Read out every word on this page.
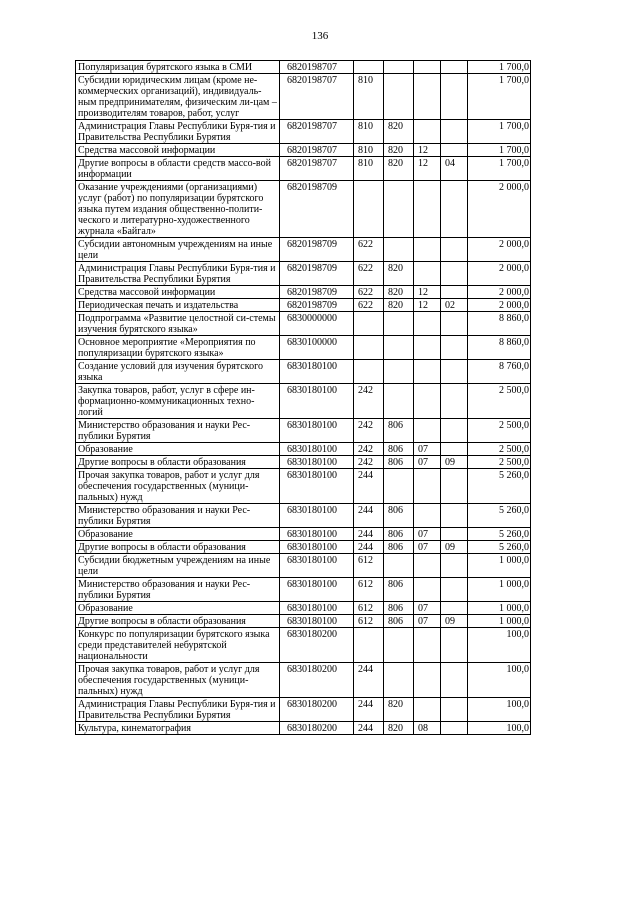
136
Популяризация бурятского языка в СМИ	6820198707					1 700,0
Субсидии юридическим лицам (кроме не-коммерческих организаций), индивидуаль-ным предпринимателям, физическим ли-цам – производителям товаров, работ, услуг	6820198707	810				1 700,0
Администрация Главы Республики Буря-тия и Правительства Республики Бурятия	6820198707	810	820			1 700,0
Средства массовой информации	6820198707	810	820	12		1 700,0
Другие вопросы в области средств массо-вой информации	6820198707	810	820	12	04	1 700,0
Оказание учреждениями (организациями) услуг (работ) по популяризации бурятского языка путем издания общественно-полити-ческого и литературно-художественного журнала «Байгал»	6820198709					2 000,0
Субсидии автономным учреждениям на иные цели	6820198709	622				2 000,0
Администрация Главы Республики Буря-тия и Правительства Республики Бурятия	6820198709	622	820			2 000,0
Средства массовой информации	6820198709	622	820	12		2 000,0
Периодическая печать и издательства	6820198709	622	820	12	02	2 000,0
Подпрограмма «Развитие целостной си-стемы изучения бурятского языка»	6830000000					8 860,0
Основное мероприятие «Мероприятия по популяризации бурятского языка»	6830100000					8 860,0
Создание условий для изучения бурятского языка	6830180100					8 760,0
Закупка товаров, работ, услуг в сфере ин-формационно-коммуникационных техно-логий	6830180100	242				2 500,0
Министерство образования и науки Рес-публики Бурятия	6830180100	242	806			2 500,0
Образование	6830180100	242	806	07		2 500,0
Другие вопросы в области образования	6830180100	242	806	07	09	2 500,0
Прочая закупка товаров, работ и услуг для обеспечения государственных (муници-пальных) нужд	6830180100	244				5 260,0
Министерство образования и науки Рес-публики Бурятия	6830180100	244	806			5 260,0
Образование	6830180100	244	806	07		5 260,0
Другие вопросы в области образования	6830180100	244	806	07	09	5 260,0
Субсидии бюджетным учреждениям на иные цели	6830180100	612				1 000,0
Министерство образования и науки Рес-публики Бурятия	6830180100	612	806			1 000,0
Образование	6830180100	612	806	07		1 000,0
Другие вопросы в области образования	6830180100	612	806	07	09	1 000,0
Конкурс по популяризации бурятского языка среди представителей небурятской национальности	6830180200					100,0
Прочая закупка товаров, работ и услуг для обеспечения государственных (муници-пальных) нужд	6830180200	244				100,0
Администрация Главы Республики Буря-тия и Правительства Республики Бурятия	6830180200	244	820			100,0
Культура, кинематография	6830180200	244	820	08		100,0
